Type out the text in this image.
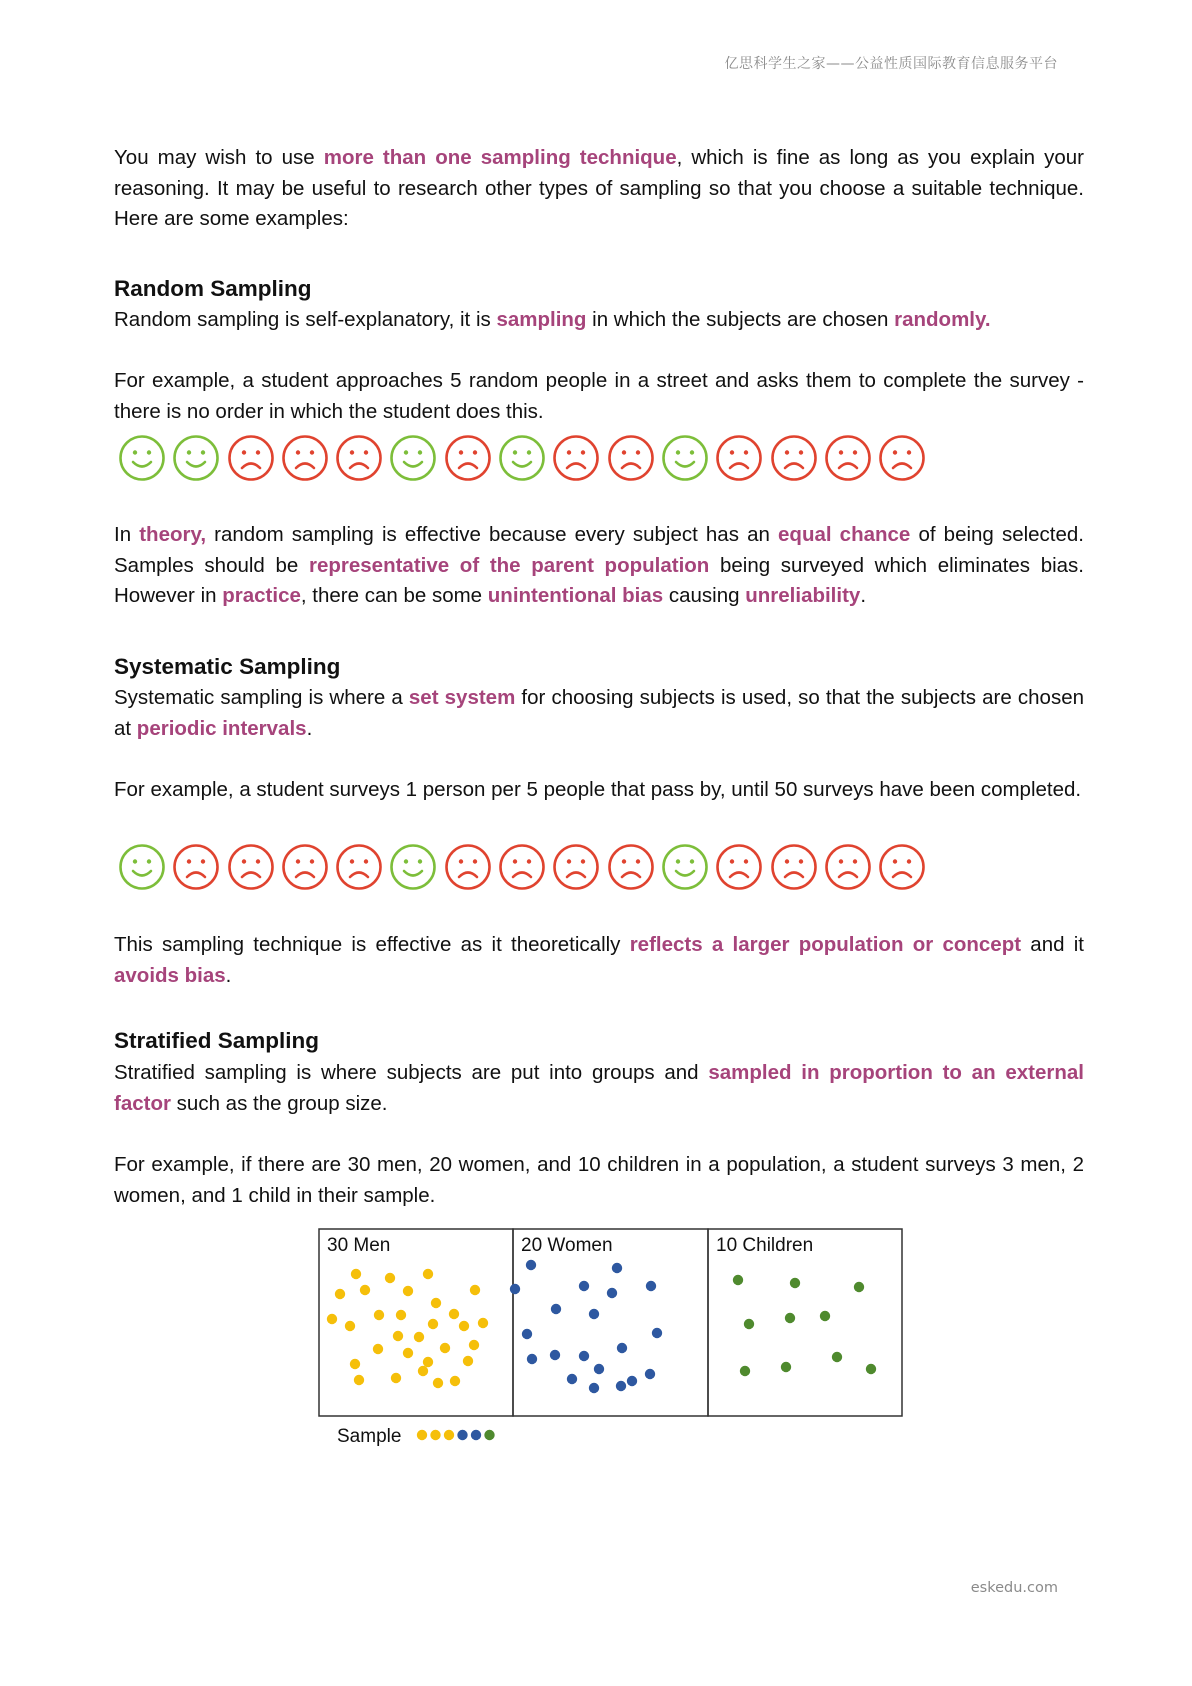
亿思科学生之家——公益性质国际教育信息服务平台

You may wish to use more than one sampling technique, which is fine as long as you explain your reasoning. It may be useful to research other types of sampling so that you choose a suitable technique. Here are some examples:

Random Sampling

Random sampling is self-explanatory, it is sampling in which the subjects are chosen randomly.

For example, a student approaches 5 random people in a street and asks them to complete the survey - there is no order in which the student does this.

In theory, random sampling is effective because every subject has an equal chance of being selected. Samples should be representative of the parent population being surveyed which eliminates bias. However in practice, there can be some unintentional bias causing unreliability.

Systematic Sampling

Systematic sampling is where a set system for choosing subjects is used, so that the subjects are chosen at periodic intervals.

For example, a student surveys 1 person per 5 people that pass by, until 50 surveys have been completed.

This sampling technique is effective as it theoretically reflects a larger population or concept and it avoids bias.

Stratified Sampling

Stratified sampling is where subjects are put into groups and sampled in proportion to an external factor such as the group size.

For example, if there are 30 men, 20 women, and 10 children in a population, a student surveys 3 men, 2 women, and 1 child in their sample.

30 Men	20 Women	10 Children
Sample
eskedu.com
